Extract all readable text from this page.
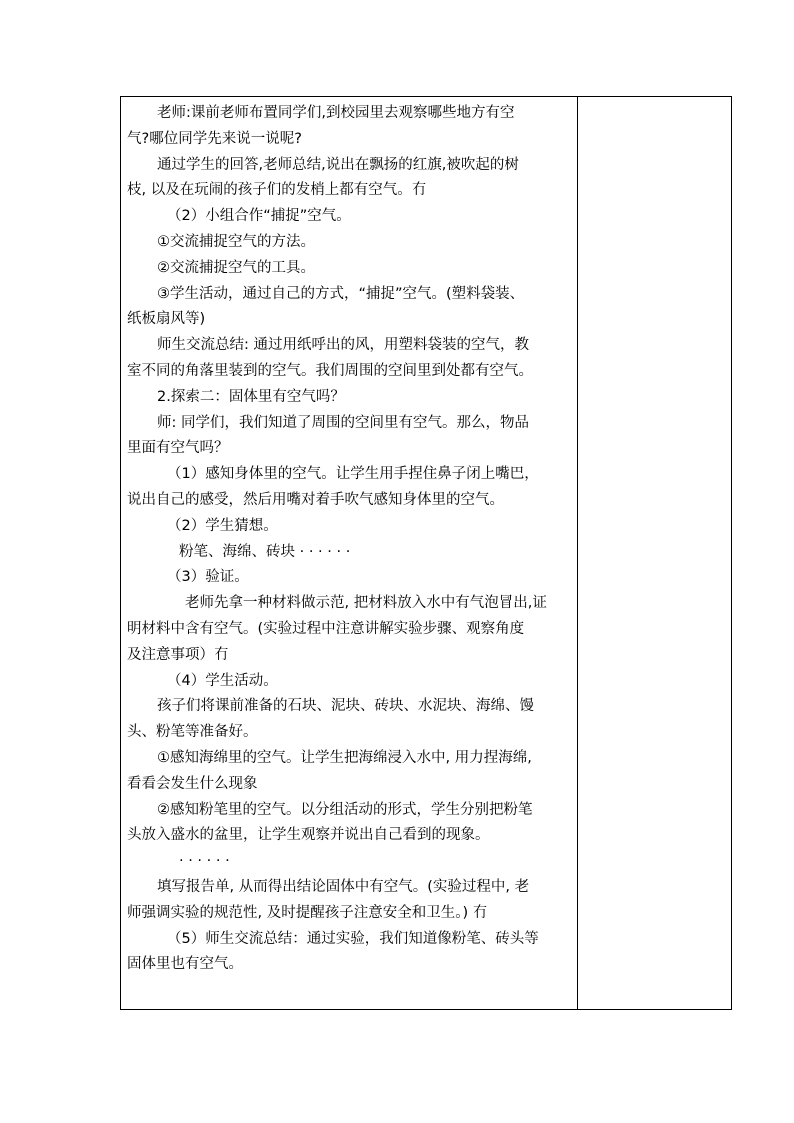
老师:课前老师布置同学们,到校园里去观察哪些地方有空
气?哪位同学先来说一说呢?
通过学生的回答,老师总结,说出在飘扬的红旗,被吹起的树
枝, 以及在玩闹的孩子们的发梢上都有空气。冇
（2）小组合作“捕捉”空气。
①交流捕捉空气的方法。
②交流捕捉空气的工具。
③学生活动，通过自己的方式，“捕捉”空气。(塑料袋装、
纸板扇风等)
师生交流总结: 通过用纸呼出的风，用塑料袋装的空气，教
室不同的角落里装到的空气。我们周围的空间里到处都有空气。
2.探索二：固体里有空气吗？
师: 同学们，我们知道了周围的空间里有空气。那么，物品
里面有空气吗？
（1）感知身体里的空气。让学生用手捏住鼻子闭上嘴巴，
说出自己的感受，然后用嘴对着手吹气感知身体里的空气。
（2）学生猜想。
粉笔、海绵、砖块 · · · · · ·
（3）验证。
老师先拿一种材料做示范, 把材料放入水中有气泡冒出,证
明材料中含有空气。(实验过程中注意讲解实验步骤、观察角度
及注意事项）冇
（4）学生活动。
孩子们将课前准备的石块、泥块、砖块、水泥块、海绵、馒
头、粉笔等准备好。
①感知海绵里的空气。让学生把海绵浸入水中, 用力捏海绵,
看看会发生什么现象
②感知粉笔里的空气。以分组活动的形式，学生分别把粉笔
头放入盛水的盆里，让学生观察并说出自己看到的现象。
· · · · · ·
填写报告单, 从而得出结论固体中有空气。(实验过程中, 老
师强调实验的规范性, 及时提醒孩子注意安全和卫生。) 冇
（5）师生交流总结：通过实验，我们知道像粉笔、砖头等
固体里也有空气。
